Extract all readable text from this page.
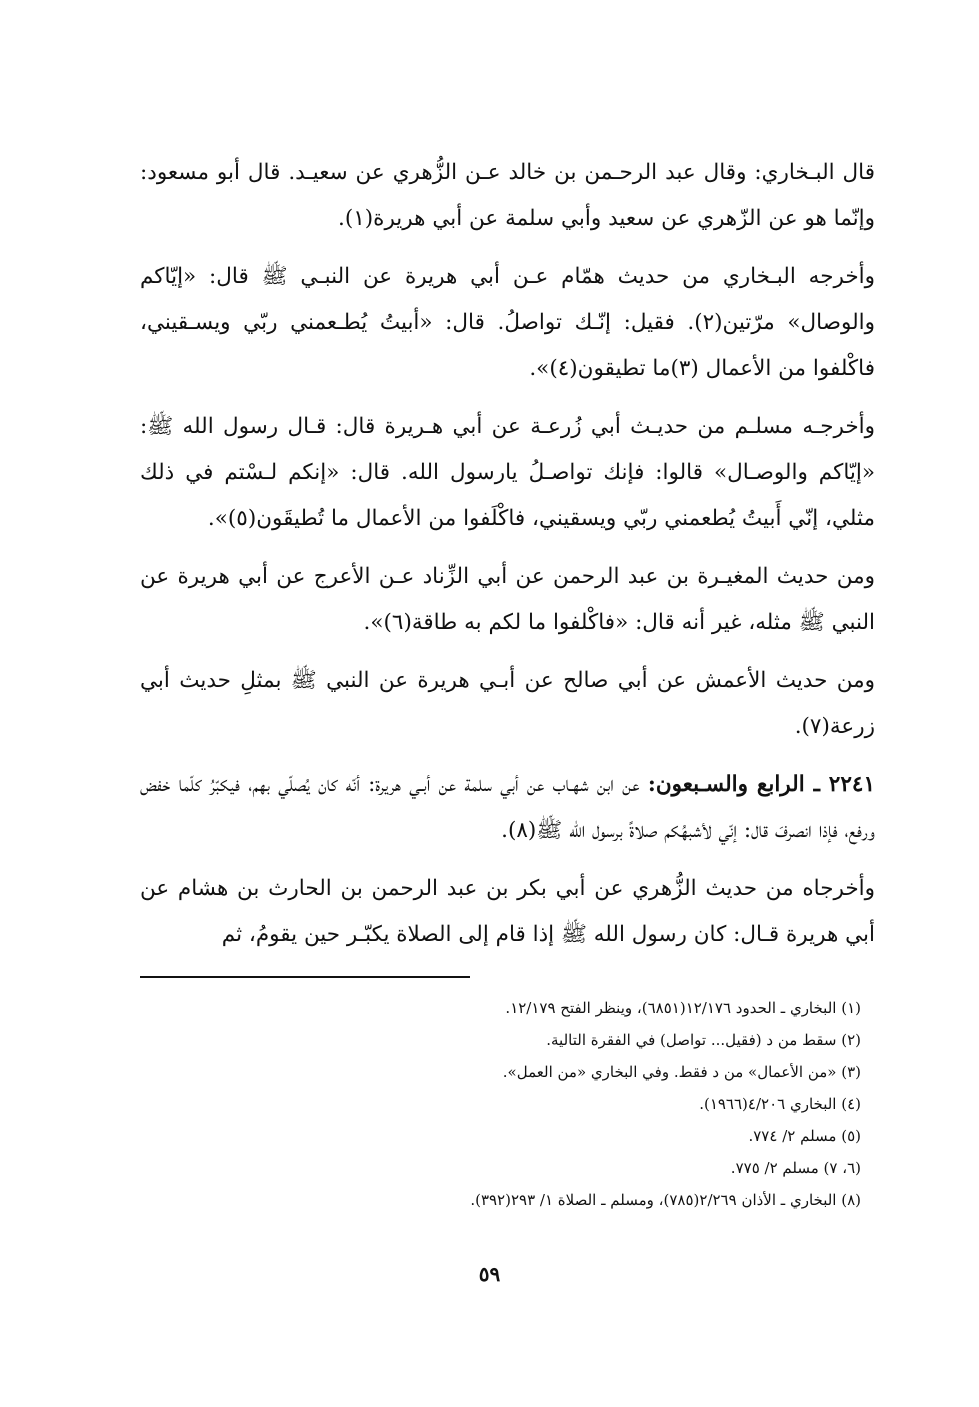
قال البـخاري: وقال عبد الرحـمن بن خالد عـن الزُّهري عن سعيـد. قال أبو مسعود: وإنّما هو عن الزّهري عن سعيد وأبي سلمة عن أبي هريرة(١).

وأخرجه البـخاري من حديث همّام عـن أبي هريرة عن النبـي ﷺ قال: «إيّاكم والوصال» مرّتين(٢). فقيل: إنّـك تواصلُ. قال: «أبيتُ يُطـعمني ربّي ويسـقيني، فاكْلفوا من الأعمال (٣)ما تطيقون(٤)».

وأخرجـه مسلـم من حديـث أبي زُرعـة عن أبي هـريرة قال: قـال رسول الله ﷺ: «إيّاكم والوصـال» قالوا: فإنك تواصـلُ يارسول الله. قال: «إنكم لـسْتم في ذلك مثلي، إنّي أَبيتُ يُطعمني ربّي ويسقيني، فاكْلَفوا من الأعمال ما تُطيقَون(٥)».

ومن حديث المغيـرة بن عبد الرحمن عن أبي الزِّناد عـن الأعرج عن أبي هريرة عن النبي ﷺ مثله، غير أنه قال: «فاكْلفوا ما لكم به طاقة(٦)».

ومن حديث الأعمش عن أبي صالح عن أبـي هريرة عن النبي ﷺ بمثلِ حديث أبي زرعة(٧).

٢٢٤١ ـ الرابع والسـبعون: عن ابن شهـاب عن أبي سلمة عن أبـي هريرة: أنّه كان يُصلّي بهم، فيكبّرُ كلّما خفض ورفع، فإذا انصرفَ قال: إنّي لأشبهُكم صلاةً برسول الله ﷺ(٨).

وأخرجاه من حديث الزُّهري عن أبي بكر بن عبد الرحمن بن الحارث بن هشام عن أبي هريرة قـال: كان رسول الله ﷺ إذا قام إلى الصلاة يكبّـر حين يقومُ، ثم

(١) البخاري ـ الحدود ١٢/١٧٦(٦٨٥١)، وينظر الفتح ١٢/١٧٩.

(٢) سقط من د (فقيل... تواصل) في الفقرة التالية.

(٣) «من الأعمال» من د فقط. وفي البخاري «من العمل».

(٤) البخاري ٤/٢٠٦(١٩٦٦).

(٥) مسلم ٢/ ٧٧٤.

(٦، ٧) مسلم ٢/ ٧٧٥.

(٨) البخاري ـ الأذان ٢/٢٦٩(٧٨٥)، ومسلم ـ الصلاة ١/ ٢٩٣(٣٩٢).

٥٩
